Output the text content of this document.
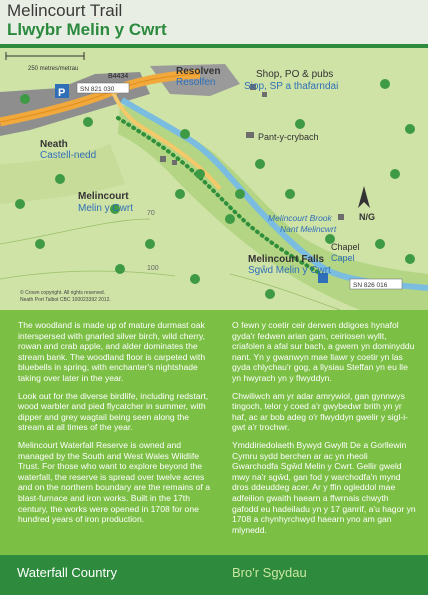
Melincourt Trail
Llwybr Melin y Cwrt
250 metres/metrаu
P SN 821 030
SN 826 016
B4434	Resolven
Resolfen
Shop, PO & pubs
Siop, SP a thafarndai
Pant-y-crybach
Neath
Castell-nedd
Melincourt
Melin y Cwrt
Melincourt Brook
Nant Melincwrt
Chapel
Capel
Melincourt Falls
Sgŵd Melin y Cwrt
70
100
N/G
© Crown copyright. All rights reserved.
Neath Port Talbot CBC 100023392 2012.

The woodland is made up of mature durmast oak interspersed with gnarled silver birch, wild cherry, rowan and crab apple, and alder dominates the stream bank. The woodland floor is carpeted with bluebells in spring, with enchanter's nightshade taking over later in the year.

Look out for the diverse birdlife, including redstart, wood warbler and pied flycatcher in summer, with dipper and grey wagtail being seen along the stream at all times of the year.

Melincourt Waterfall Reserve is owned and managed by the South and West Wales Wildlife Trust. For those who want to explore beyond the waterfall, the reserve is spread over twelve acres and on the northern boundary are the remains of a blast-furnace and iron works. Built in the 17th century, the works were opened in 1708 for one hundred years of iron production.

O fewn y coetir ceir derwen ddigoes hynafol gyda'r fedwen arian gam, ceiriosen wyllt, criafolen a afal sur bach, a gwern yn dominyddu nant. Yn y gwanwyn mae llawr y coetir yn las gyda chlychau'r gog, a llysiau Steffan yn eu lle yn hwyrach yn y flwyddyn.

Chwiliwch am yr adar amrywiol, gan gynnwys tingoch, telor y coed a'r gwybedwr brith yn yr haf, ac ar bob adeg o'r flwyddyn gwelir y sigl-i-gwt a'r trochwr.

Ymddiriedolaeth Bywyd Gwyllt De a Gorllewin Cymru sydd berchen ar ac yn rheoli Gwarchodfa Sgŵd Melin y Cwrt. Gellir gweld mwy na'r sgŵd, gan fod y warchodfa'n mynd dros ddeuddeg acer. Ar y ffin ogleddol mae adfeilion gwaith haearn a ffwrnais chwyth gafodd eu hadeiladu yn y 17 ganrif, a'u hagor yn 1708 a chynhyrchwyd haearn yno am gan mlynedd.

Waterfall Country	Bro'r Sgydau
